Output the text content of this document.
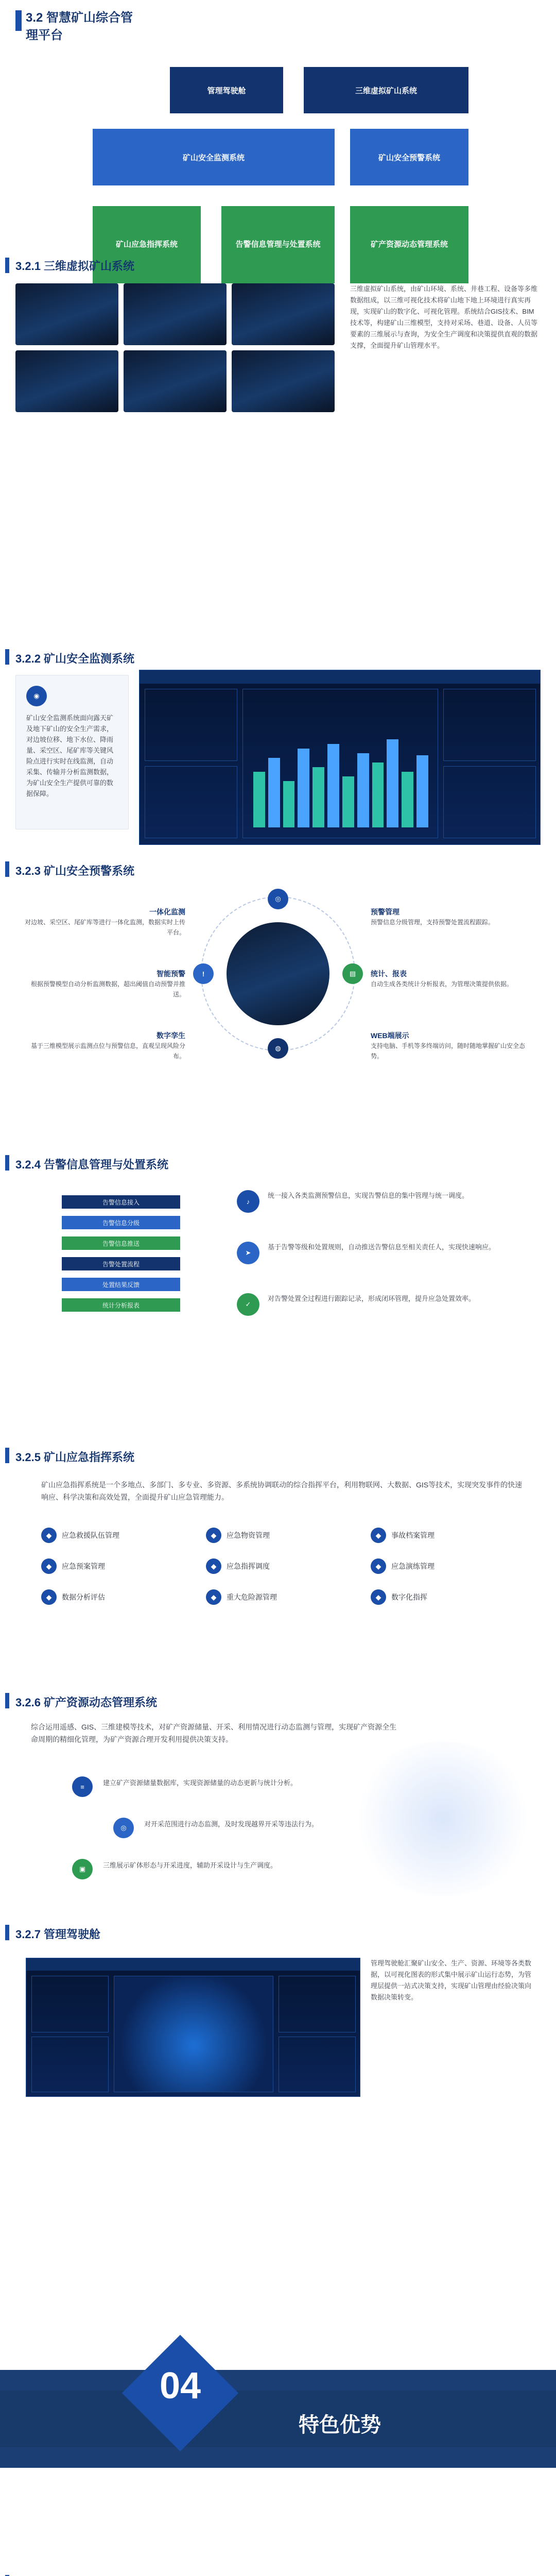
3.2 智慧矿山综合管理平台
管理驾驶舱	三维虚拟矿山系统
矿山安全监测系统	矿山安全预警系统
矿山应急指挥系统	告警信息管理与处置系统	矿产资源动态管理系统
3.2.1 三维虚拟矿山系统
三维虚拟矿山系统，由矿山环境、系统、井巷工程、设备等多维数据组成，以三维可视化技术将矿山地下地上环境进行真实再现，实现矿山的数字化、可视化管理。系统结合GIS技术、BIM技术等，构建矿山三维模型，支持对采场、巷道、设备、人员等要素的三维展示与查询，为安全生产调度和决策提供直观的数据支撑，全面提升矿山管理水平。
3.2.2 矿山安全监测系统
◉
矿山安全监测系统面向露天矿及地下矿山的安全生产需求，对边坡位移、地下水位、降雨量、采空区、尾矿库等关键风险点进行实时在线监测，自动采集、传输并分析监测数据，为矿山安全生产提供可靠的数据保障。
3.2.3 矿山安全预警系统
一体化监测
对边坡、采空区、尾矿库等进行一体化监测，数据实时上传平台。
智能预警
根据预警模型自动分析监测数据，超出阈值自动预警并推送。
数字孪生
基于三维模型展示监测点位与预警信息，直观呈现风险分布。
◎
!	▤
◍
预警管理
预警信息分级管理，支持预警处置流程跟踪。
统计、报表
自动生成各类统计分析报表，为管理决策提供依据。
WEB端展示
支持电脑、手机等多终端访问，随时随地掌握矿山安全态势。
3.2.4 告警信息管理与处置系统
告警信息接入
告警信息分级
告警信息推送
告警处置流程
处置结果反馈
统计分析报表
♪
统一接入各类监测预警信息，实现告警信息的集中管理与统一调度。
➤
基于告警等级和处置规则，自动推送告警信息至相关责任人，实现快速响应。
✓
对告警处置全过程进行跟踪记录，形成闭环管理，提升应急处置效率。
3.2.5 矿山应急指挥系统
矿山应急指挥系统是一个多地点、多部门、多专业、多资源、多系统协调联动的综合指挥平台，利用物联网、大数据、GIS等技术，实现突发事件的快速响应、科学决策和高效处置，全面提升矿山应急管理能力。
◆	应急救援队伍管理	◆	应急物资管理	◆	事故档案管理
◆	应急预案管理	◆	应急指挥调度	◆	应急演练管理
◆	数据分析评估	◆	重大危险源管理	◆	数字化指挥
3.2.6 矿产资源动态管理系统
综合运用遥感、GIS、三维建模等技术，对矿产资源储量、开采、利用情况进行动态监测与管理，实现矿产资源全生命周期的精细化管理，为矿产资源合理开发利用提供决策支持。
≡	建立矿产资源储量数据库，实现资源储量的动态更新与统计分析。
◎	对开采范围进行动态监测，及时发现越界开采等违法行为。
▣	三维展示矿体形态与开采进度，辅助开采设计与生产调度。
3.2.7 管理驾驶舱
管理驾驶舱汇聚矿山安全、生产、资源、环境等各类数据，以可视化图表的形式集中展示矿山运行态势，为管理层提供一站式决策支持，实现矿山管理由经验决策向数据决策转变。
04
特色优势
